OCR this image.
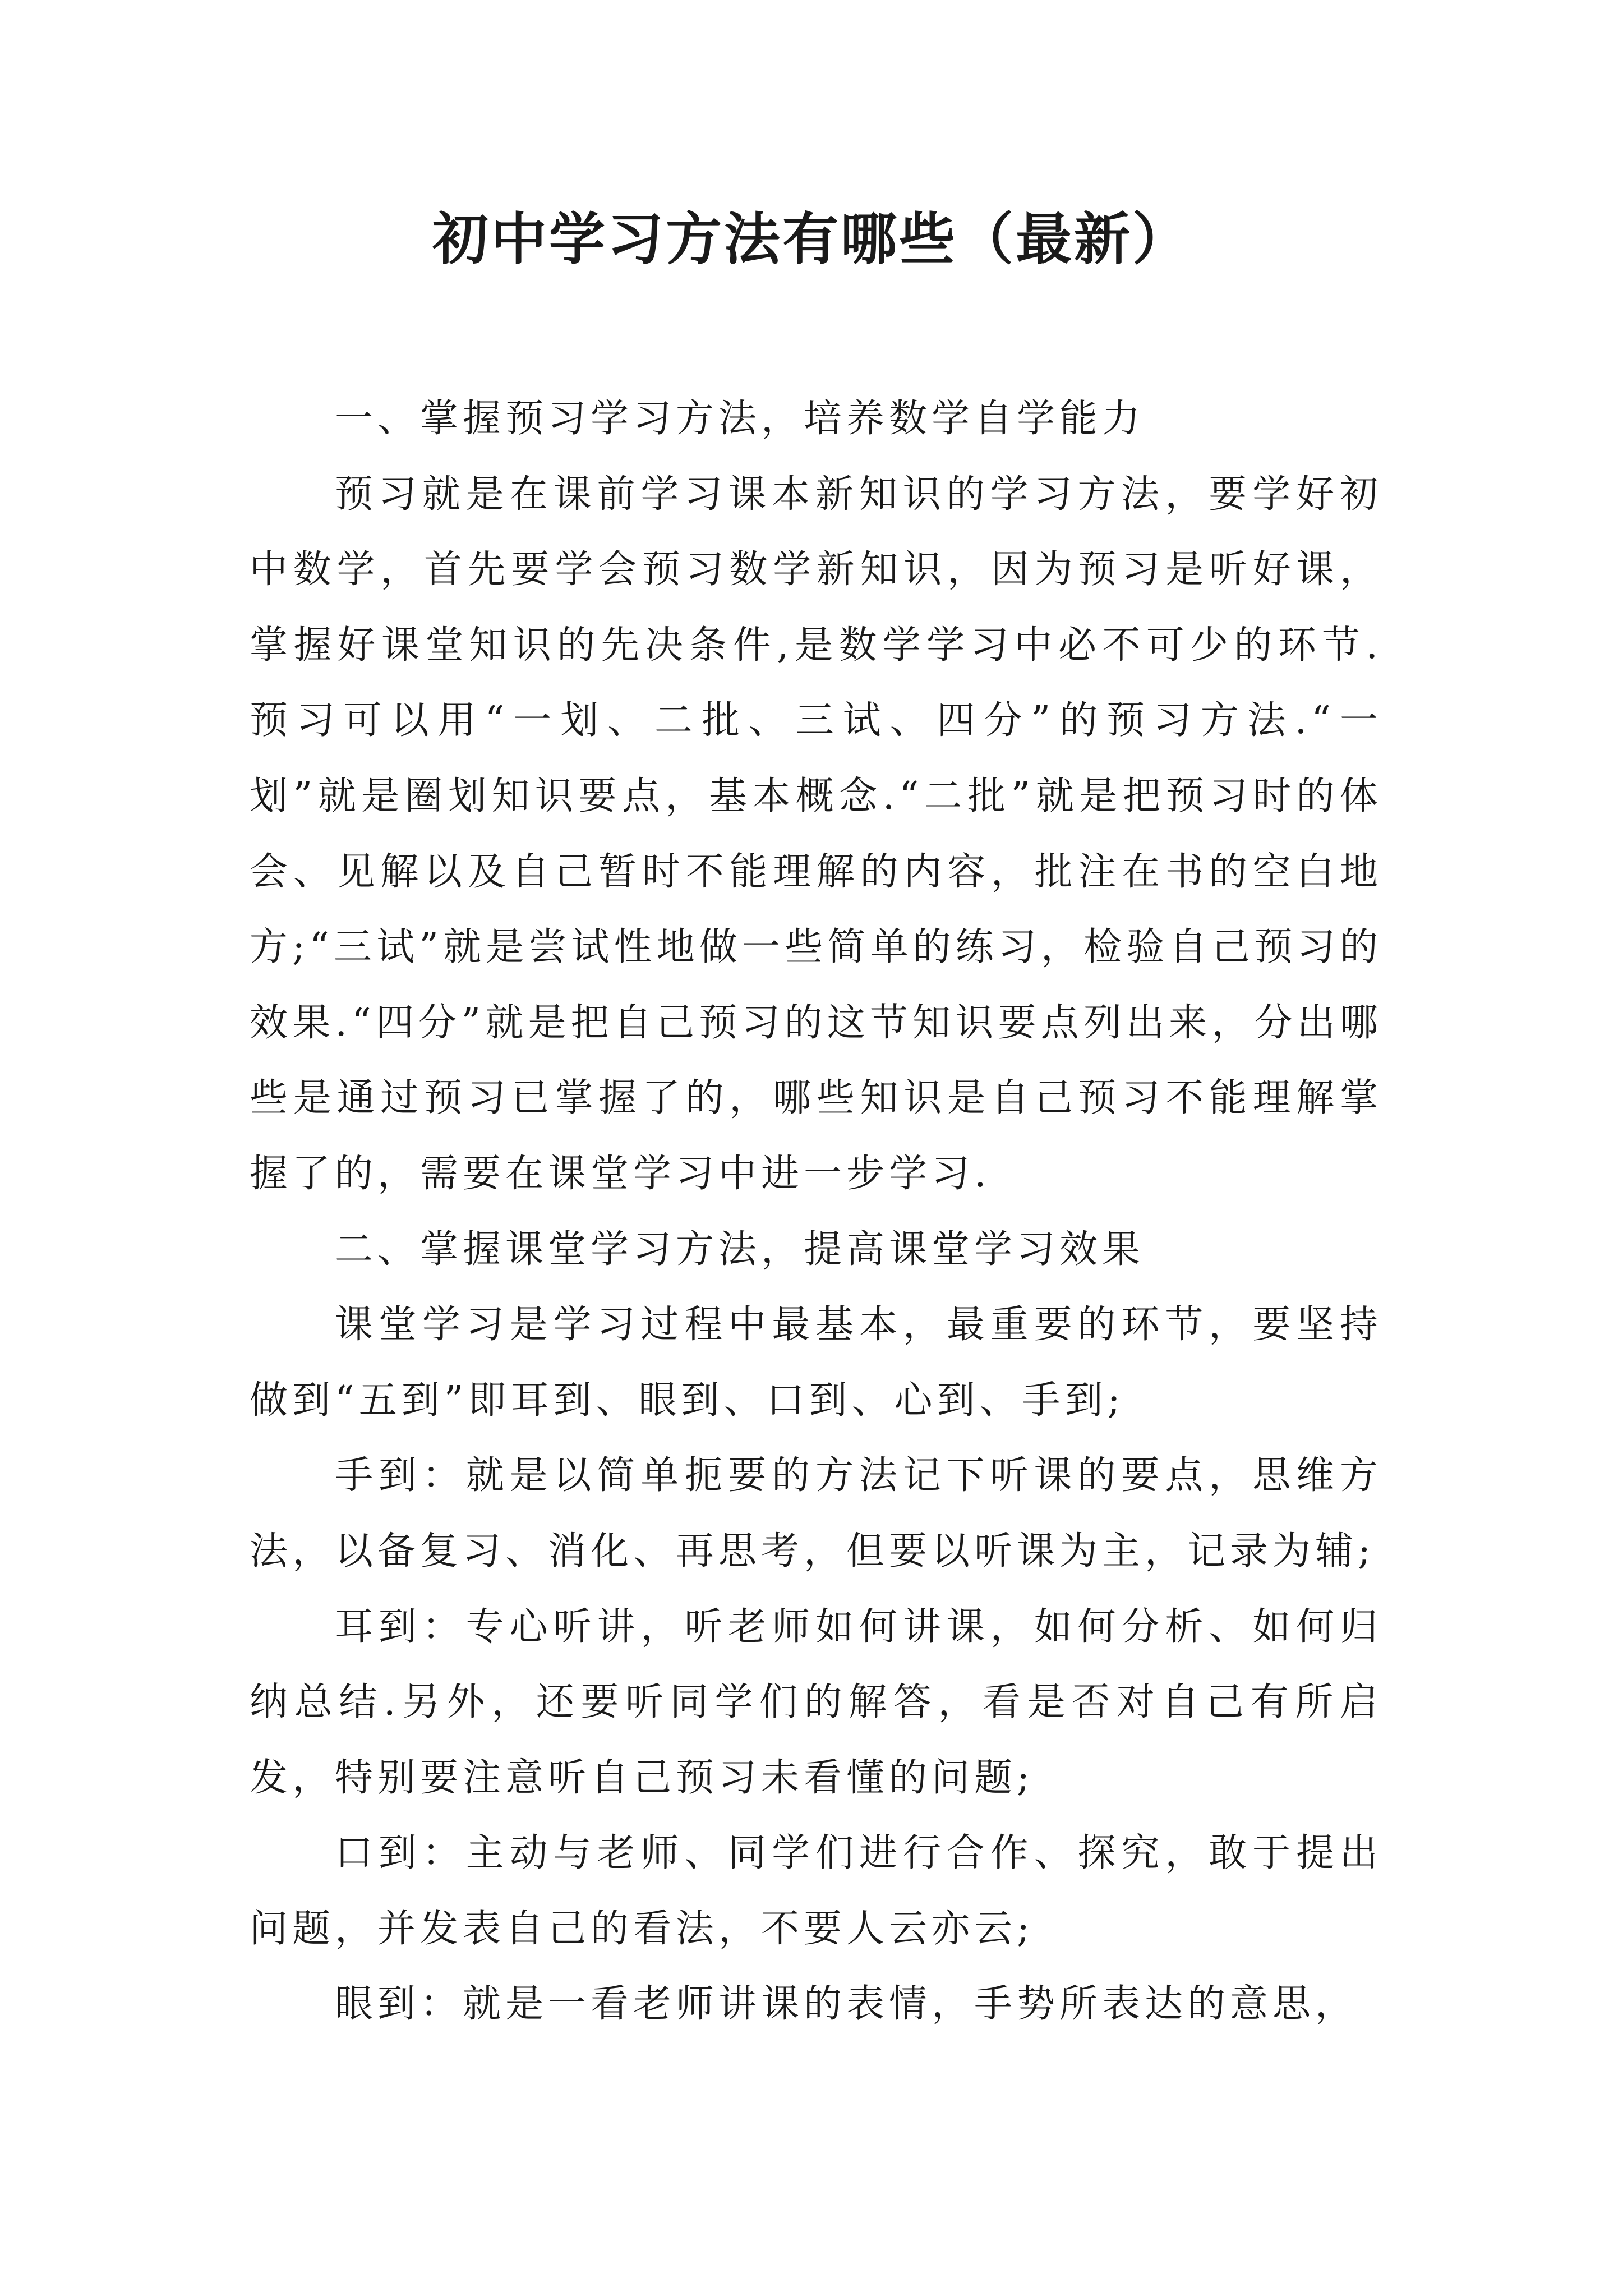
初中学习方法有哪些（最新）

一、掌握预习学习方法，培养数学自学能力

预习就是在课前学习课本新知识的学习方法，要学好初中数学，首先要学会预习数学新知识，因为预习是听好课，掌握好课堂知识的先决条件,是数学学习中必不可少的环节.预习可以用“一划、二批、三试、四分”的预习方法.“一划”就是圈划知识要点，基本概念.“二批”就是把预习时的体会、见解以及自己暂时不能理解的内容，批注在书的空白地方;“三试”就是尝试性地做一些简单的练习，检验自己预习的效果.“四分”就是把自己预习的这节知识要点列出来，分出哪些是通过预习已掌握了的，哪些知识是自己预习不能理解掌握了的，需要在课堂学习中进一步学习.

二、掌握课堂学习方法，提高课堂学习效果

课堂学习是学习过程中最基本，最重要的环节，要坚持做到“五到”即耳到、眼到、口到、心到、手到;

手到：就是以简单扼要的方法记下听课的要点，思维方法，以备复习、消化、再思考，但要以听课为主，记录为辅;

耳到：专心听讲，听老师如何讲课，如何分析、如何归纳总结.另外，还要听同学们的解答，看是否对自己有所启发，特别要注意听自己预习未看懂的问题;

口到：主动与老师、同学们进行合作、探究，敢于提出问题，并发表自己的看法，不要人云亦云;

眼到：就是一看老师讲课的表情，手势所表达的意思，
